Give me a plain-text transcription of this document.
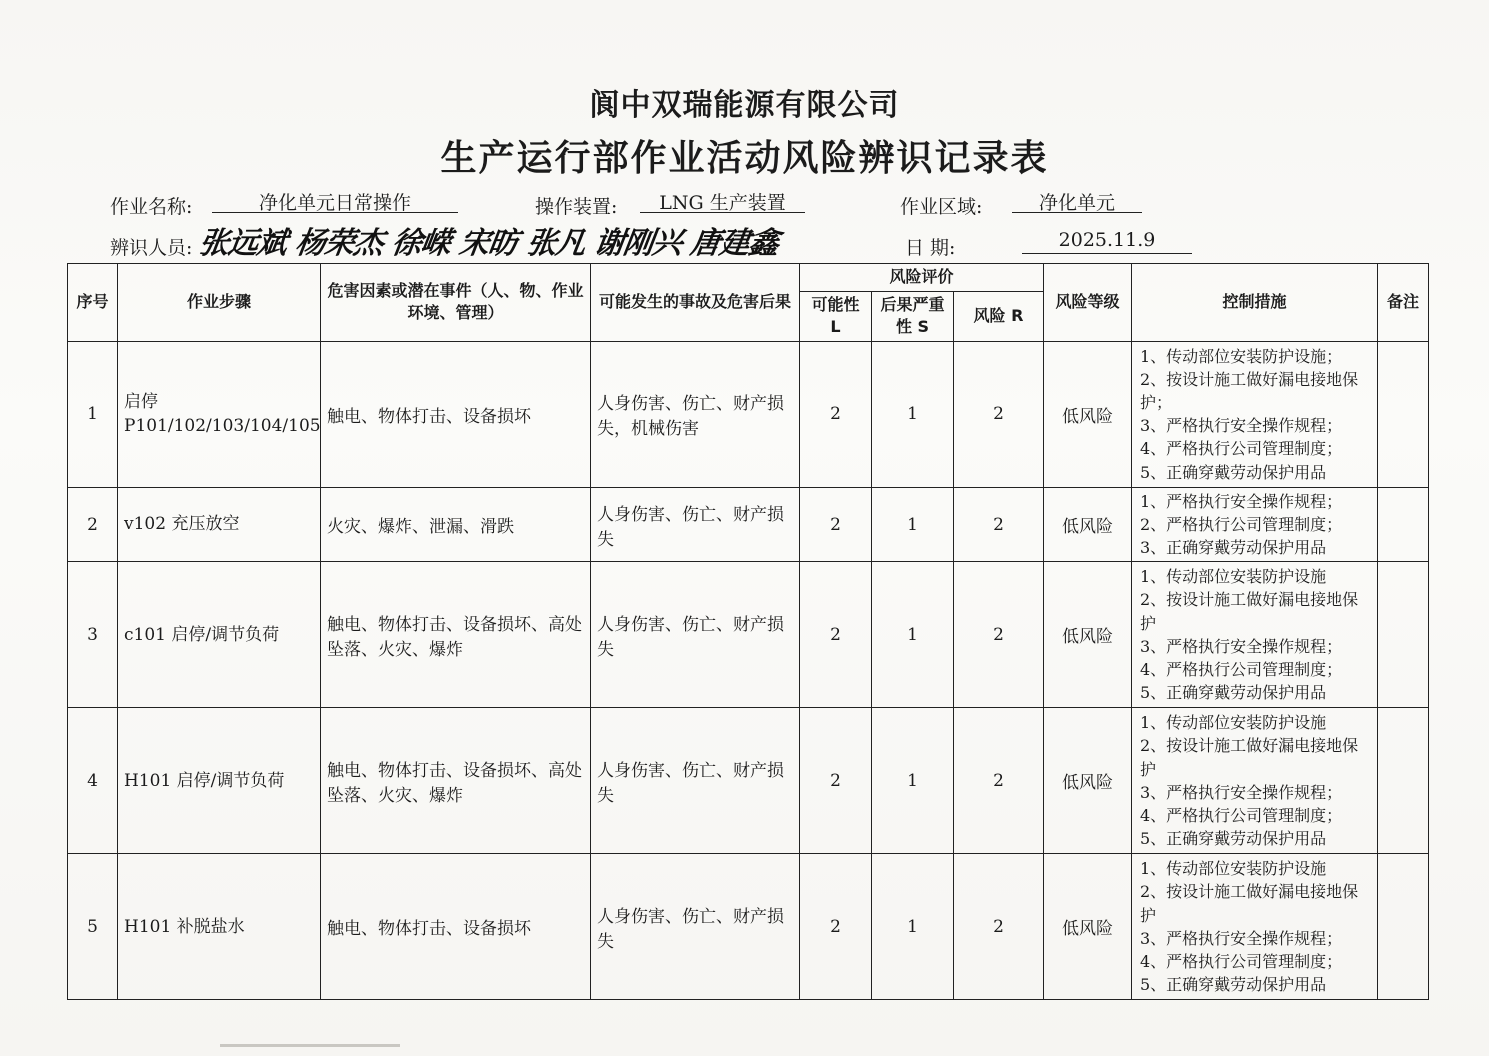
阆中双瑞能源有限公司
生产运行部作业活动风险辨识记录表
作业名称:	净化单元日常操作	操作装置:	LNG 生产装置	作业区域:	净化单元
辨识人员: 张远斌 杨荣杰 徐嵘 宋昉 张凡 谢刚兴 唐建鑫	日 期:	2025.11.9
序号	作业步骤	危害因素或潜在事件（人、物、作业环境、管理）	可能发生的事故及危害后果	风险评价			风险等级	控制措施	备注
				可能性 L	后果严重性 S	风险 R			
1	启停 P101/102/103/104/105	触电、物体打击、设备损坏	人身伤害、伤亡、财产损失，机械伤害	2	1	2	低风险	1、传动部位安装防护设施；
2、按设计施工做好漏电接地保护；
3、严格执行安全操作规程；
4、严格执行公司管理制度；
5、正确穿戴劳动保护用品	

2	v102 充压放空	火灾、爆炸、泄漏、滑跌	人身伤害、伤亡、财产损失	2	1	2	低风险	1、严格执行安全操作规程；
2、严格执行公司管理制度；
3、正确穿戴劳动保护用品	

3	c101 启停/调节负荷	触电、物体打击、设备损坏、高处坠落、火灾、爆炸	人身伤害、伤亡、财产损失	2	1	2	低风险	1、传动部位安装防护设施
2、按设计施工做好漏电接地保护
3、严格执行安全操作规程；
4、严格执行公司管理制度；
5、正确穿戴劳动保护用品	

4	H101 启停/调节负荷	触电、物体打击、设备损坏、高处坠落、火灾、爆炸	人身伤害、伤亡、财产损失	2	1	2	低风险	1、传动部位安装防护设施
2、按设计施工做好漏电接地保护
3、严格执行安全操作规程；
4、严格执行公司管理制度；
5、正确穿戴劳动保护用品	

5	H101 补脱盐水	触电、物体打击、设备损坏	人身伤害、伤亡、财产损失	2	1	2	低风险	1、传动部位安装防护设施
2、按设计施工做好漏电接地保护
3、严格执行安全操作规程；
4、严格执行公司管理制度；
5、正确穿戴劳动保护用品	
